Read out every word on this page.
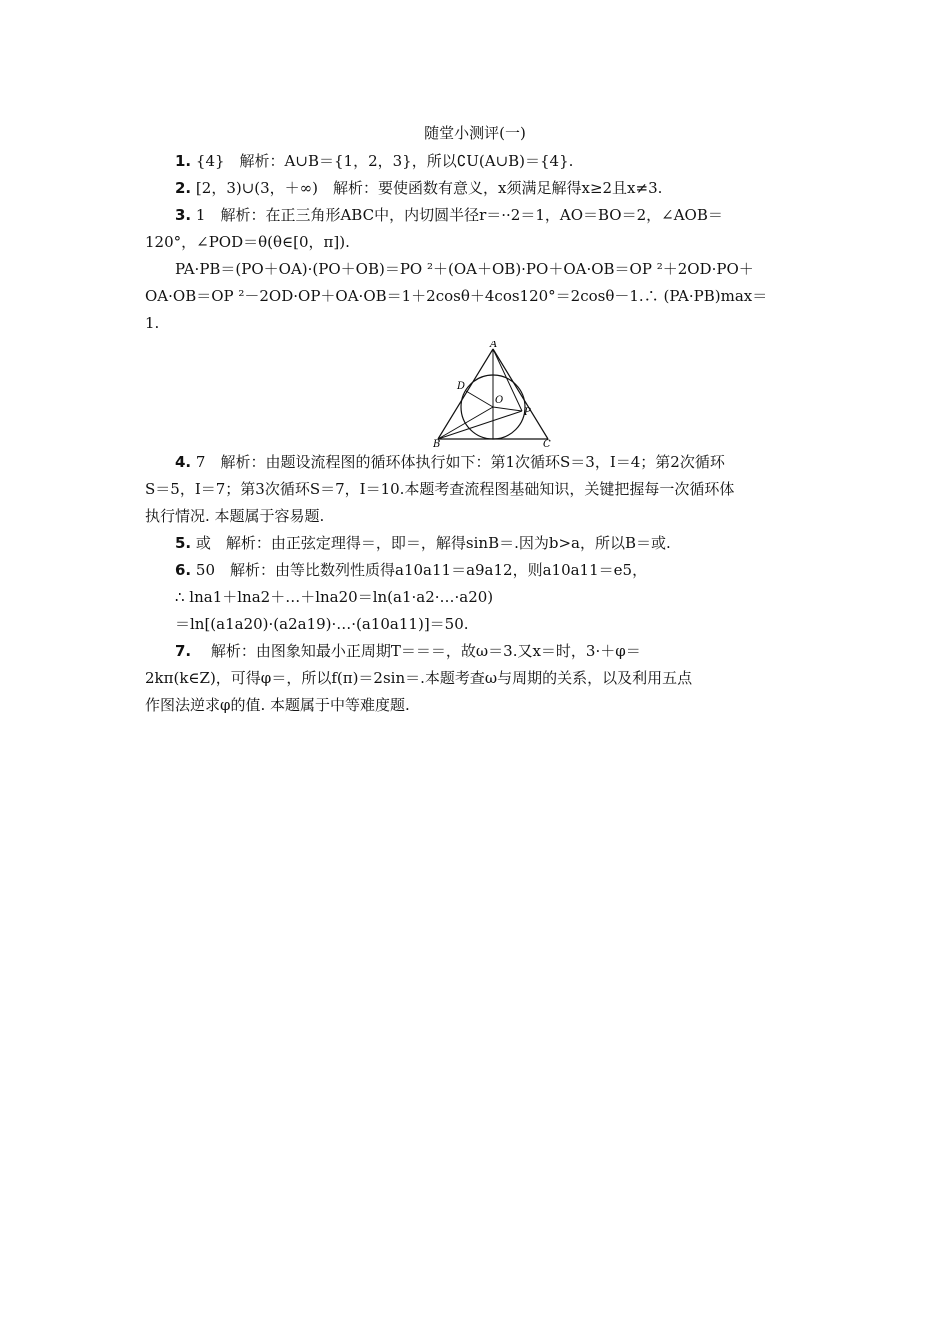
随堂小测评(一)
1. {4}　解析：A∪B＝{1，2，3}，所以∁U(A∪B)＝{4}.
2. [2，3)∪(3，＋∞)　解析：要使函数有意义，x须满足解得x≥2且x≠3.
3. 1　解析：在正三角形ABC中，内切圆半径r＝··2＝1，AO＝BO＝2，∠AOB＝
120°，∠POD＝θ(θ∈[0，π]).
PA·PB＝(PO＋OA)·(PO＋OB)＝PO ²＋(OA＋OB)·PO＋OA·OB＝OP ²＋2OD·PO＋
OA·OB＝OP ²－2OD·OP＋OA·OB＝1＋2cosθ＋4cos120°＝2cosθ－1.∴ (PA·PB)max＝
1.
A
B	C
D
O
P
4. 7　解析：由题设流程图的循环体执行如下：第1次循环S＝3，I＝4；第2次循环
S＝5，I＝7；第3次循环S＝7，I＝10.本题考查流程图基础知识，关键把握每一次循环体
执行情况. 本题属于容易题.
5. 或　解析：由正弦定理得＝，即＝，解得sinB＝.因为b>a，所以B＝或.
6. 50　解析：由等比数列性质得a10a11＝a9a12，则a10a11＝e5，
∴ lna1＋lna2＋…＋lna20＝ln(a1·a2·…·a20)
＝ln[(a1a20)·(a2a19)·…·(a10a11)]＝50.
7. 　解析：由图象知最小正周期T＝＝＝，故ω＝3.又x＝时，3·＋φ＝
2kπ(k∈Z)，可得φ＝，所以f(π)＝2sin＝.本题考查ω与周期的关系，以及利用五点
作图法逆求φ的值. 本题属于中等难度题.
